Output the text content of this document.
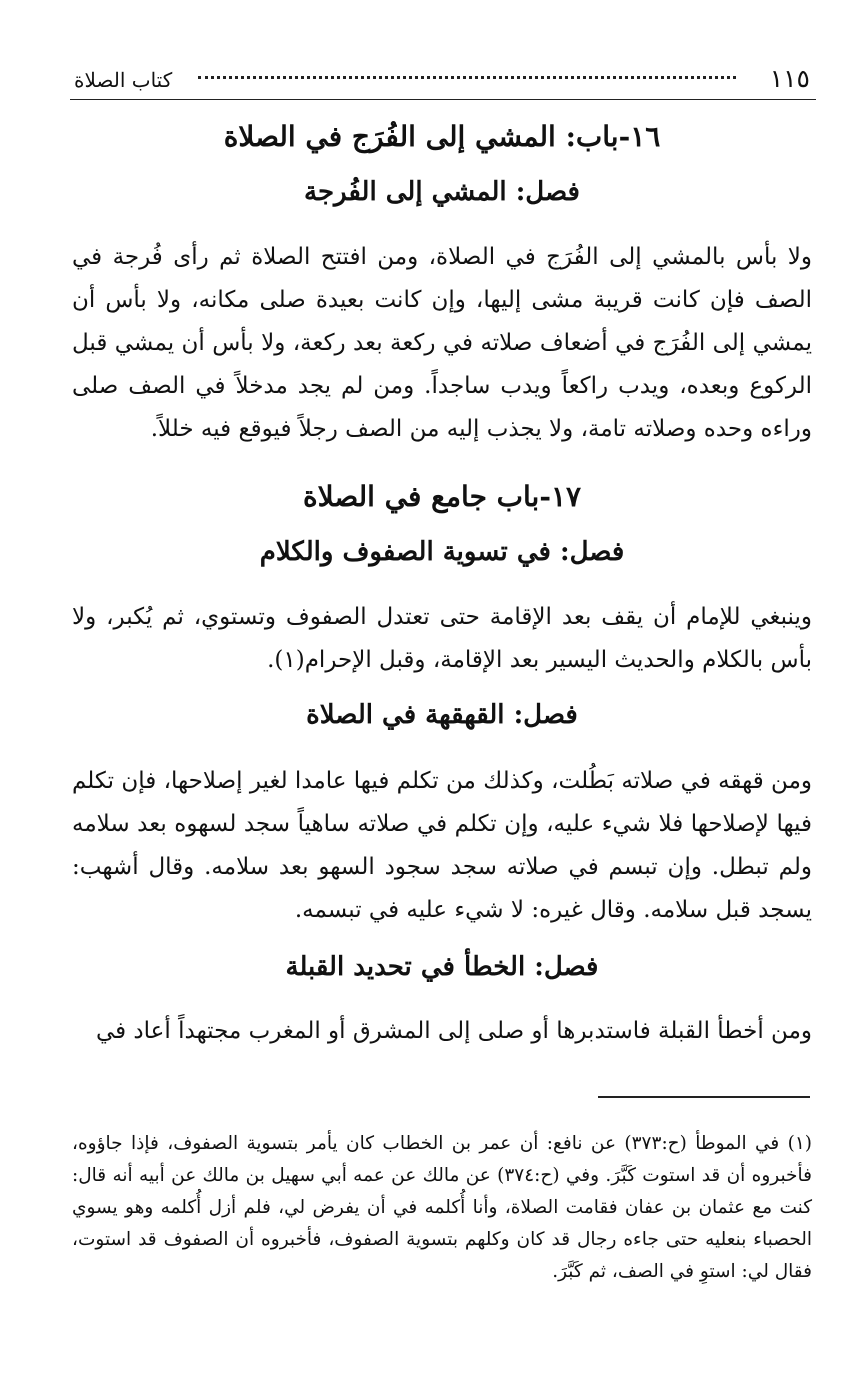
١١٥
كتاب الصلاة
١٦-باب: المشي إلى الفُرَج في الصلاة
فصل: المشي إلى الفُرجة

ولا بأس بالمشي إلى الفُرَج في الصلاة، ومن افتتح الصلاة ثم رأى فُرجة في الصف فإن كانت قريبة مشى إليها، وإن كانت بعيدة صلى مكانه، ولا بأس أن يمشي إلى الفُرَج في أضعاف صلاته في ركعة بعد ركعة، ولا بأس أن يمشي قبل الركوع وبعده، ويدب راكعاً ويدب ساجداً. ومن لم يجد مدخلاً في الصف صلى وراءه وحده وصلاته تامة، ولا يجذب إليه من الصف رجلاً فيوقع فيه خللاً.

١٧-باب جامع في الصلاة
فصل: في تسوية الصفوف والكلام

وينبغي للإمام أن يقف بعد الإقامة حتى تعتدل الصفوف وتستوي، ثم يُكبر، ولا بأس بالكلام والحديث اليسير بعد الإقامة، وقبل الإحرام(١).

فصل: القهقهة في الصلاة

ومن قهقه في صلاته بَطُلت، وكذلك من تكلم فيها عامدا لغير إصلاحها، فإن تكلم فيها لإصلاحها فلا شيء عليه، وإن تكلم في صلاته ساهياً سجد لسهوه بعد سلامه ولم تبطل. وإن تبسم في صلاته سجد سجود السهو بعد سلامه. وقال أشهب: يسجد قبل سلامه. وقال غيره: لا شيء عليه في تبسمه.

فصل: الخطأ في تحديد القبلة

ومن أخطأ القبلة فاستدبرها أو صلى إلى المشرق أو المغرب مجتهداً أعاد في

(١) في الموطأ (ح:٣٧٣) عن نافع: أن عمر بن الخطاب كان يأمر بتسوية الصفوف، فإذا جاؤوه، فأخبروه أن قد استوت كَبَّرَ. وفي (ح:٣٧٤) عن مالك عن عمه أبي سهيل بن مالك عن أبيه أنه قال: كنت مع عثمان بن عفان فقامت الصلاة، وأنا أُكلمه في أن يفرض لي، فلم أزل أُكلمه وهو يسوي الحصباء بنعليه حتى جاءه رجال قد كان وكلهم بتسوية الصفوف، فأخبروه أن الصفوف قد استوت، فقال لي: استوِ في الصف، ثم كَبَّرَ.
